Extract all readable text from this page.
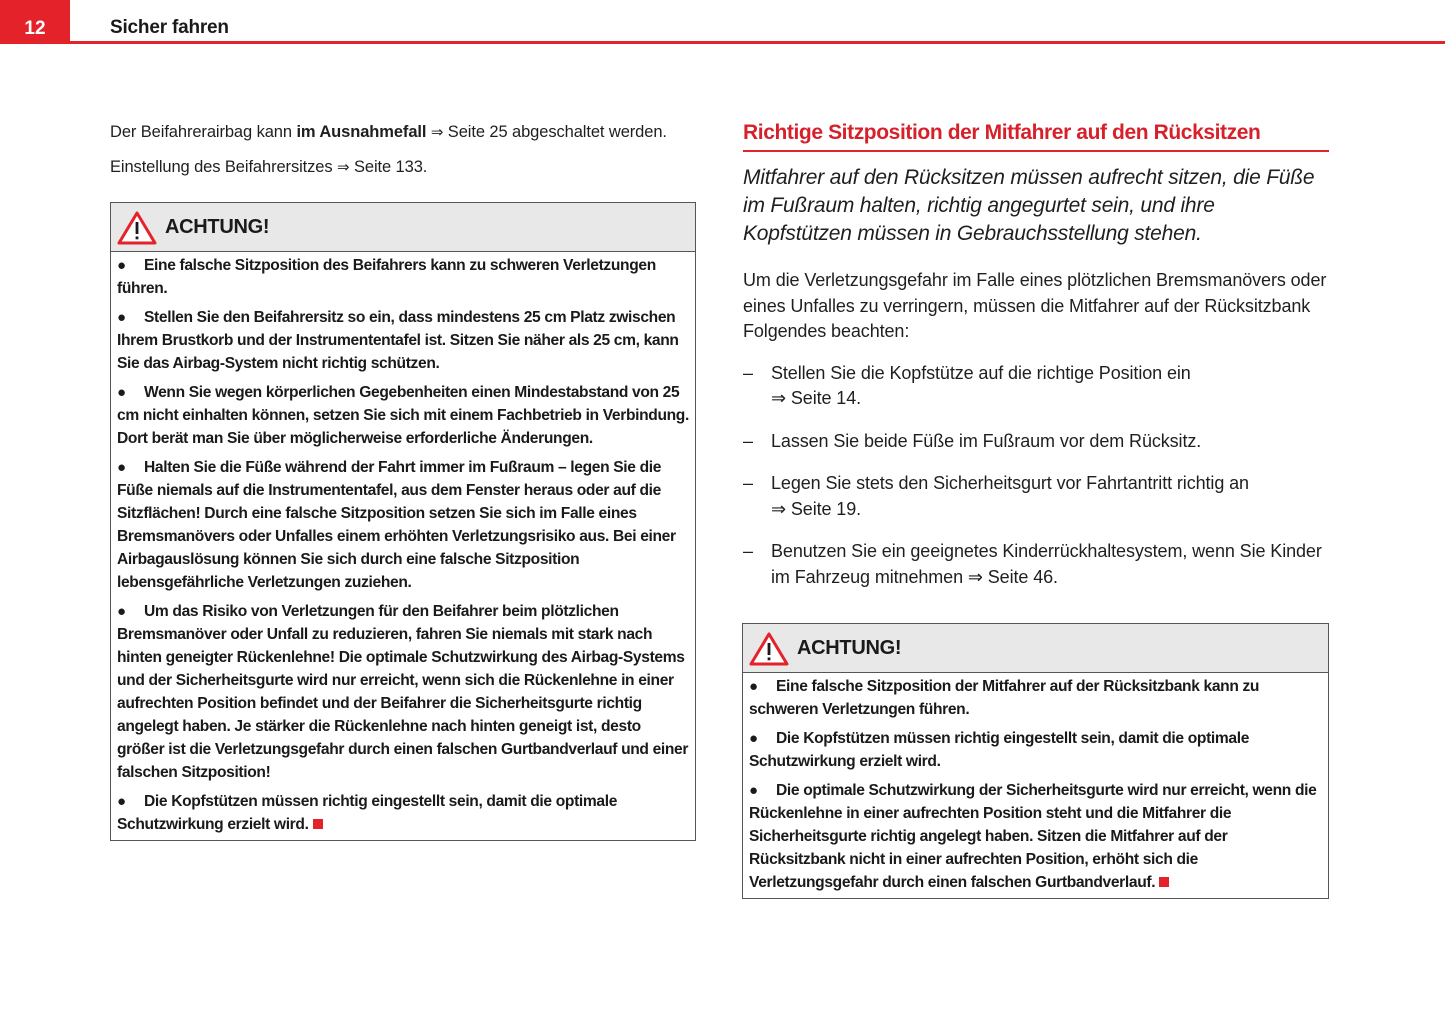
12	Sicher fahren

Der Beifahrerairbag kann im Ausnahmefall ⇒ Seite 25 abgeschaltet werden.

Einstellung des Beifahrersitzes ⇒ Seite 133.

ACHTUNG!

● Eine falsche Sitzposition des Beifahrers kann zu schweren Verletzungen führen.

● Stellen Sie den Beifahrersitz so ein, dass mindestens 25 cm Platz zwischen Ihrem Brustkorb und der Instrumententafel ist. Sitzen Sie näher als 25 cm, kann Sie das Airbag-System nicht richtig schützen.

● Wenn Sie wegen körperlichen Gegebenheiten einen Mindestabstand von 25 cm nicht einhalten können, setzen Sie sich mit einem Fachbetrieb in Verbindung. Dort berät man Sie über möglicherweise erforderliche Änderungen.

● Halten Sie die Füße während der Fahrt immer im Fußraum – legen Sie die Füße niemals auf die Instrumententafel, aus dem Fenster heraus oder auf die Sitzflächen! Durch eine falsche Sitzposition setzen Sie sich im Falle eines Bremsmanövers oder Unfalles einem erhöhten Verletzungsrisiko aus. Bei einer Airbagauslösung können Sie sich durch eine falsche Sitzposition lebensgefährliche Verletzungen zuziehen.

● Um das Risiko von Verletzungen für den Beifahrer beim plötzlichen Bremsmanöver oder Unfall zu reduzieren, fahren Sie niemals mit stark nach hinten geneigter Rückenlehne! Die optimale Schutzwirkung des Airbag-Systems und der Sicherheitsgurte wird nur erreicht, wenn sich die Rückenlehne in einer aufrechten Position befindet und der Beifahrer die Sicherheitsgurte richtig angelegt haben. Je stärker die Rückenlehne nach hinten geneigt ist, desto größer ist die Verletzungsgefahr durch einen falschen Gurtbandverlauf und einer falschen Sitzposition!

● Die Kopfstützen müssen richtig eingestellt sein, damit die optimale Schutzwirkung erzielt wird.

Richtige Sitzposition der Mitfahrer auf den Rücksitzen

Mitfahrer auf den Rücksitzen müssen aufrecht sitzen, die Füße im Fußraum halten, richtig angegurtet sein, und ihre Kopfstützen müssen in Gebrauchsstellung stehen.

Um die Verletzungsgefahr im Falle eines plötzlichen Bremsmanövers oder eines Unfalles zu verringern, müssen die Mitfahrer auf der Rücksitzbank Folgendes beachten:

– Stellen Sie die Kopfstütze auf die richtige Position ein
⇒ Seite 14.
– Lassen Sie beide Füße im Fußraum vor dem Rücksitz.
– Legen Sie stets den Sicherheitsgurt vor Fahrtantritt richtig an
⇒ Seite 19.
– Benutzen Sie ein geeignetes Kinderrückhaltesystem, wenn Sie Kinder im Fahrzeug mitnehmen ⇒ Seite 46.
ACHTUNG!

● Eine falsche Sitzposition der Mitfahrer auf der Rücksitzbank kann zu schweren Verletzungen führen.

● Die Kopfstützen müssen richtig eingestellt sein, damit die optimale Schutzwirkung erzielt wird.

● Die optimale Schutzwirkung der Sicherheitsgurte wird nur erreicht, wenn die Rückenlehne in einer aufrechten Position steht und die Mitfahrer die Sicherheitsgurte richtig angelegt haben. Sitzen die Mitfahrer auf der Rücksitzbank nicht in einer aufrechten Position, erhöht sich die Verletzungsgefahr durch einen falschen Gurtbandverlauf.
